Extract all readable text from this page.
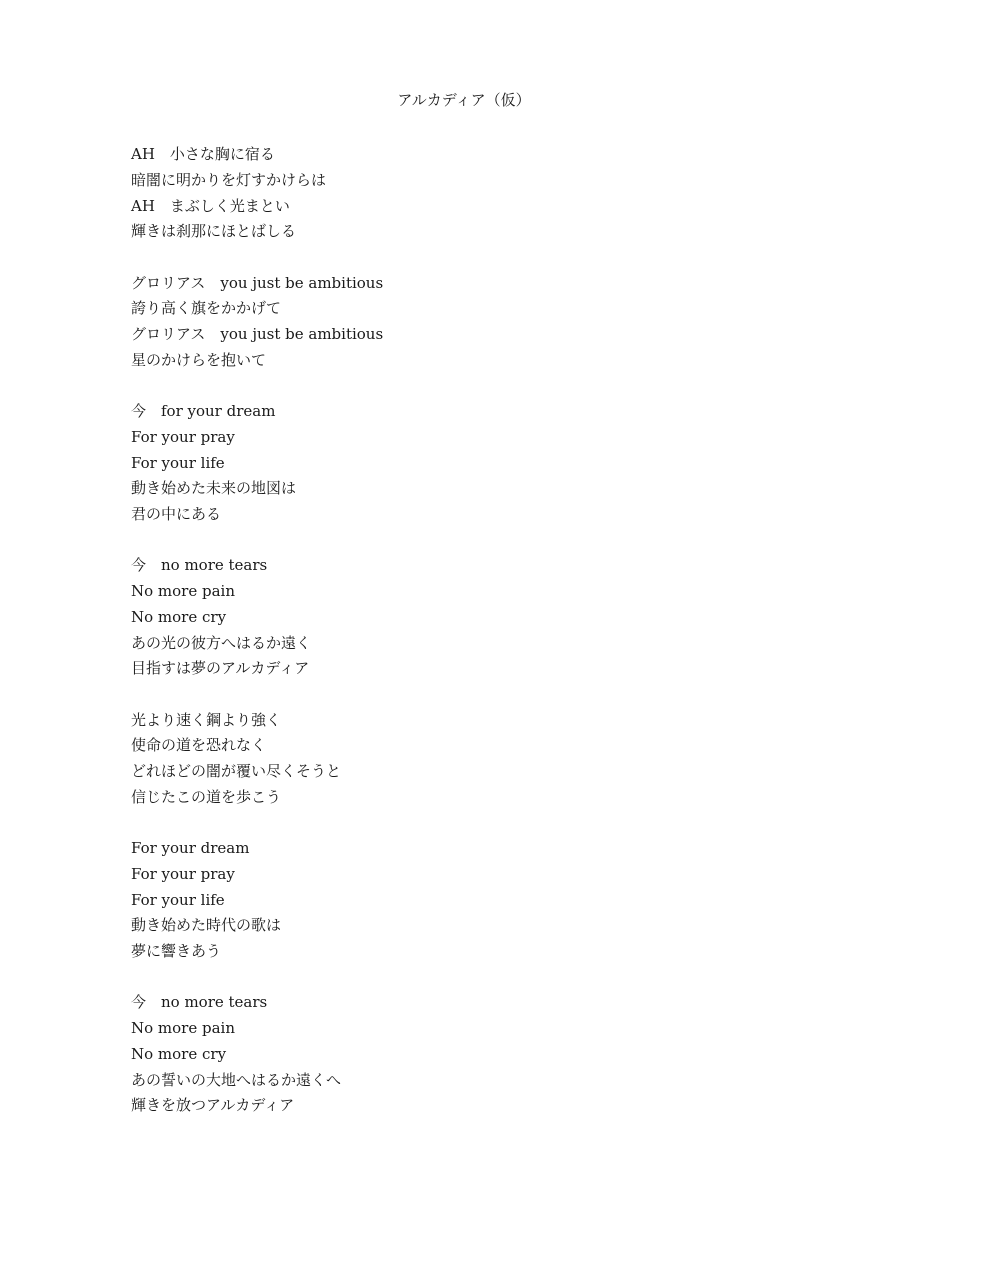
アルカディア（仮）
AH　小さな胸に宿る
暗闇に明かりを灯すかけらは
AH　まぶしく光まとい
輝きは刹那にほとばしる
グロリアス　you just be ambitious
誇り高く旗をかかげて
グロリアス　you just be ambitious
星のかけらを抱いて
今　for your dream
For your pray
For your life
動き始めた未来の地図は
君の中にある
今　no more tears
No more pain
No more cry
あの光の彼方へはるか遠く
目指すは夢のアルカディア
光より速く鋼より強く
使命の道を恐れなく
どれほどの闇が覆い尽くそうと
信じたこの道を歩こう
For your dream
For your pray
For your life
動き始めた時代の歌は
夢に響きあう
今　no more tears
No more pain
No more cry
あの誓いの大地へはるか遠くへ
輝きを放つアルカディア
